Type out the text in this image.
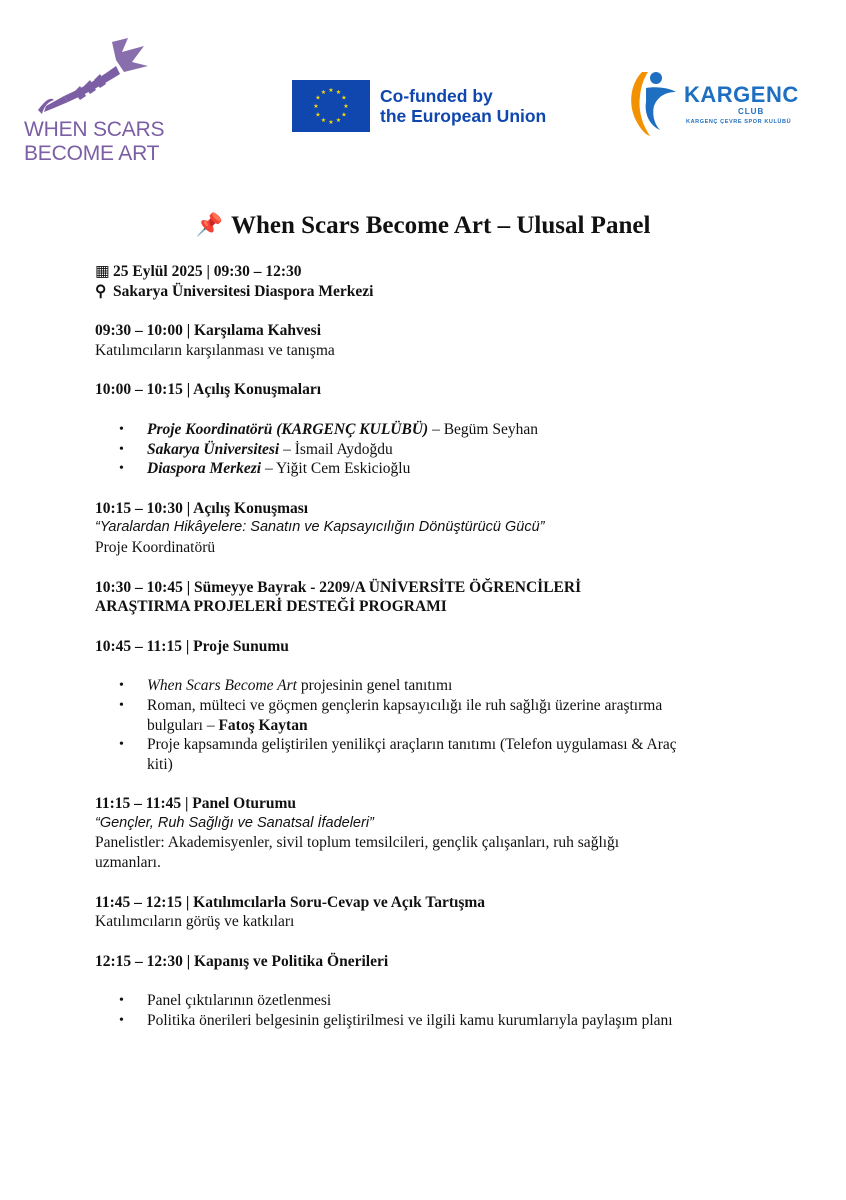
WHEN SCARS
BECOME ART
★ ★
★
★
★
★
★
★
★
★
★
★	Co-funded by
the European Union
KARGENC
CLUB
KARGENÇ ÇEVRE SPOR KULÜBÜ
📌 When Scars Become Art – Ulusal Panel
▦ 25 Eylül 2025 | 09:30 – 12:30
⚲ Sakarya Üniversitesi Diaspora Merkezi
09:30 – 10:00 | Karşılama Kahvesi
Katılımcıların karşılanması ve tanışma
10:00 – 10:15 | Açılış Konuşmaları
• Proje Koordinatörü (KARGENÇ KULÜBÜ) – Begüm Seyhan
• Sakarya Üniversitesi – İsmail Aydoğdu
• Diaspora Merkezi – Yiğit Cem Eskicioğlu
10:15 – 10:30 | Açılış Konuşması
“Yaralardan Hikâyelere: Sanatın ve Kapsayıcılığın Dönüştürücü Gücü”
Proje Koordinatörü
10:30 – 10:45 | Sümeyye Bayrak - 2209/A ÜNİVERSİTE ÖĞRENCİLERİ
ARAŞTIRMA PROJELERİ DESTEĞİ PROGRAMI
10:45 – 11:15 | Proje Sunumu
• When Scars Become Art projesinin genel tanıtımı
• Roman, mülteci ve göçmen gençlerin kapsayıcılığı ile ruh sağlığı üzerine araştırma
bulguları – Fatoş Kaytan
• Proje kapsamında geliştirilen yenilikçi araçların tanıtımı (Telefon uygulaması & Araç
kiti)
11:15 – 11:45 | Panel Oturumu
“Gençler, Ruh Sağlığı ve Sanatsal İfadeleri”
Panelistler: Akademisyenler, sivil toplum temsilcileri, gençlik çalışanları, ruh sağlığı
uzmanları.
11:45 – 12:15 | Katılımcılarla Soru-Cevap ve Açık Tartışma
Katılımcıların görüş ve katkıları
12:15 – 12:30 | Kapanış ve Politika Önerileri
• Panel çıktılarının özetlenmesi
• Politika önerileri belgesinin geliştirilmesi ve ilgili kamu kurumlarıyla paylaşım planı
